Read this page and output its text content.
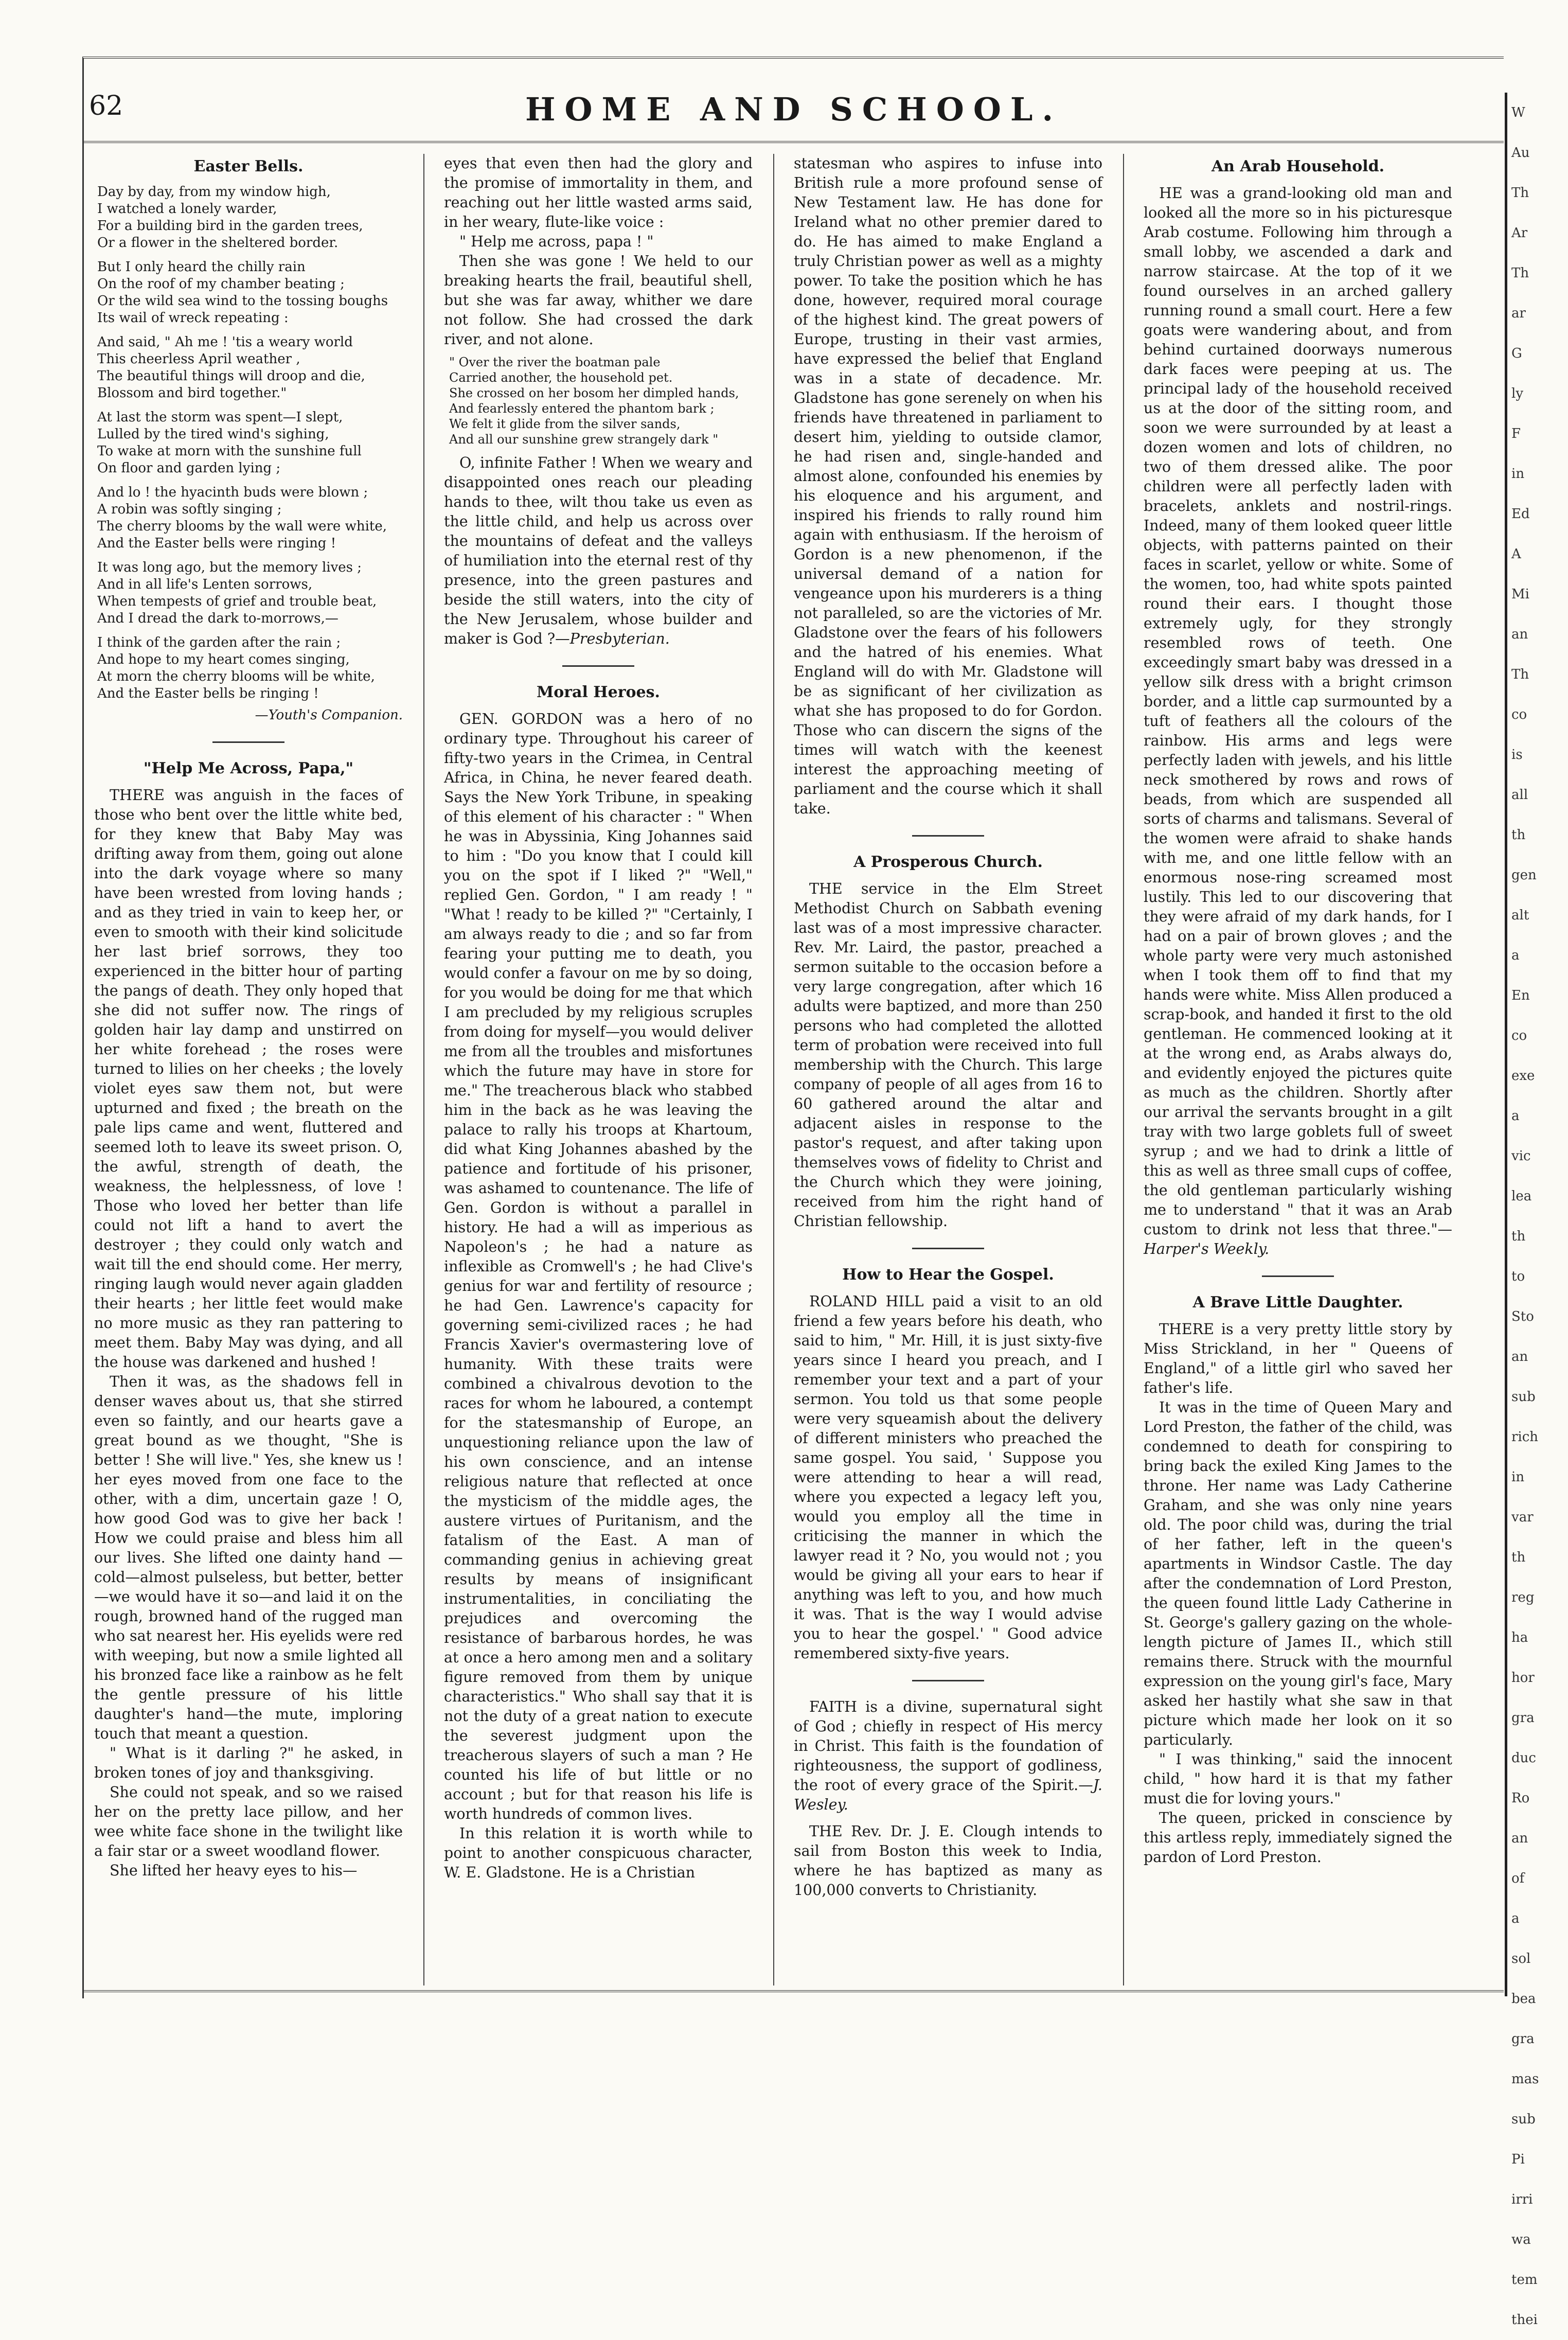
62	HOME AND SCHOOL.
Easter Bells.

Day by day, from my window high,
I watched a lonely warder,
For a building bird in the garden trees,
Or a flower in the sheltered border.

But I only heard the chilly rain
On the roof of my chamber beating ;
Or the wild sea wind to the tossing boughs
Its wail of wreck repeating :

And said, " Ah me ! 'tis a weary world
This cheerless April weather ,
The beautiful things will droop and die,
Blossom and bird together."

At last the storm was spent—I slept,
Lulled by the tired wind's sighing,
To wake at morn with the sunshine full
On floor and garden lying ;

And lo ! the hyacinth buds were blown ;
A robin was softly singing ;
The cherry blooms by the wall were white,
And the Easter bells were ringing !

It was long ago, but the memory lives ;
And in all life's Lenten sorrows,
When tempests of grief and trouble beat,
And I dread the dark to-morrows,—

I think of the garden after the rain ;
And hope to my heart comes singing,
At morn the cherry blooms will be white,
And the Easter bells be ringing !

—Youth's Companion.
"Help Me Across, Papa,"

THERE was anguish in the faces of those who bent over the little white bed, for they knew that Baby May was drifting away from them, going out alone into the dark voyage where so many have been wrested from loving hands ; and as they tried in vain to keep her, or even to smooth with their kind solicitude her last brief sorrows, they too experienced in the bitter hour of parting the pangs of death. They only hoped that she did not suffer now. The rings of golden hair lay damp and unstirred on her white forehead ; the roses were turned to lilies on her cheeks ; the lovely violet eyes saw them not, but were upturned and fixed ; the breath on the pale lips came and went, fluttered and seemed loth to leave its sweet prison. O, the awful, strength of death, the weakness, the helplessness, of love ! Those who loved her better than life could not lift a hand to avert the destroyer ; they could only watch and wait till the end should come. Her merry, ringing laugh would never again gladden their hearts ; her little feet would make no more music as they ran pattering to meet them. Baby May was dying, and all the house was darkened and hushed !

Then it was, as the shadows fell in denser waves about us, that she stirred even so faintly, and our hearts gave a great bound as we thought, "She is better ! She will live." Yes, she knew us ! her eyes moved from one face to the other, with a dim, uncertain gaze ! O, how good God was to give her back ! How we could praise and bless him all our lives. She lifted one dainty hand —cold—almost pulseless, but better, better—we would have it so—and laid it on the rough, browned hand of the rugged man who sat nearest her. His eyelids were red with weeping, but now a smile lighted all his bronzed face like a rainbow as he felt the gentle pressure of his little daughter's hand—the mute, imploring touch that meant a question.

" What is it darling ?" he asked, in broken tones of joy and thanksgiving.

She could not speak, and so we raised her on the pretty lace pillow, and her wee white face shone in the twilight like a fair star or a sweet woodland flower.

She lifted her heavy eyes to his—

eyes that even then had the glory and the promise of immortality in them, and reaching out her little wasted arms said, in her weary, flute-like voice :

" Help me across, papa ! "

Then she was gone ! We held to our breaking hearts the frail, beautiful shell, but she was far away, whither we dare not follow. She had crossed the dark river, and not alone.

" Over the river the boatman pale
Carried another, the household pet.
She crossed on her bosom her dimpled hands,
And fearlessly entered the phantom bark ;
We felt it glide from the silver sands,
And all our sunshine grew strangely dark "

O, infinite Father ! When we weary and disappointed ones reach our pleading hands to thee, wilt thou take us even as the little child, and help us across over the mountains of defeat and the valleys of humiliation into the eternal rest of thy presence, into the green pastures and beside the still waters, into the city of the New Jerusalem, whose builder and maker is God ?—Presbyterian.

Moral Heroes.

GEN. GORDON was a hero of no ordinary type. Throughout his career of fifty-two years in the Crimea, in Central Africa, in China, he never feared death. Says the New York Tribune, in speaking of this element of his character : " When he was in Abyssinia, King Johannes said to him : "Do you know that I could kill you on the spot if I liked ?" "Well," replied Gen. Gordon, " I am ready ! " "What ! ready to be killed ?" "Certainly, I am always ready to die ; and so far from fearing your putting me to death, you would confer a favour on me by so doing, for you would be doing for me that which I am precluded by my religious scruples from doing for myself—you would deliver me from all the troubles and misfortunes which the future may have in store for me." The treacherous black who stabbed him in the back as he was leaving the palace to rally his troops at Khartoum, did what King Johannes abashed by the patience and fortitude of his prisoner, was ashamed to countenance. The life of Gen. Gordon is without a parallel in history. He had a will as imperious as Napoleon's ; he had a nature as inflexible as Cromwell's ; he had Clive's genius for war and fertility of resource ; he had Gen. Lawrence's capacity for governing semi-civilized races ; he had Francis Xavier's overmastering love of humanity. With these traits were combined a chivalrous devotion to the races for whom he laboured, a contempt for the statesmanship of Europe, an unquestioning reliance upon the law of his own conscience, and an intense religious nature that reflected at once the mysticism of the middle ages, the austere virtues of Puritanism, and the fatalism of the East. A man of commanding genius in achieving great results by means of insignificant instrumentalities, in conciliating the prejudices and overcoming the resistance of barbarous hordes, he was at once a hero among men and a solitary figure removed from them by unique characteristics." Who shall say that it is not the duty of a great nation to execute the severest judgment upon the treacherous slayers of such a man ? He counted his life of but little or no account ; but for that reason his life is worth hundreds of common lives.

In this relation it is worth while to point to another conspicuous character, W. E. Gladstone. He is a Christian

statesman who aspires to infuse into British rule a more profound sense of New Testament law. He has done for Ireland what no other premier dared to do. He has aimed to make England a truly Christian power as well as a mighty power. To take the position which he has done, however, required moral courage of the highest kind. The great powers of Europe, trusting in their vast armies, have expressed the belief that England was in a state of decadence. Mr. Gladstone has gone serenely on when his friends have threatened in parliament to desert him, yielding to outside clamor, he had risen and, single-handed and almost alone, confounded his enemies by his eloquence and his argument, and inspired his friends to rally round him again with enthusiasm. If the heroism of Gordon is a new phenomenon, if the universal demand of a nation for vengeance upon his murderers is a thing not paralleled, so are the victories of Mr. Gladstone over the fears of his followers and the hatred of his enemies. What England will do with Mr. Gladstone will be as significant of her civilization as what she has proposed to do for Gordon. Those who can discern the signs of the times will watch with the keenest interest the approaching meeting of parliament and the course which it shall take.

A Prosperous Church.

THE service in the Elm Street Methodist Church on Sabbath evening last was of a most impressive character. Rev. Mr. Laird, the pastor, preached a sermon suitable to the occasion before a very large congregation, after which 16 adults were baptized, and more than 250 persons who had completed the allotted term of probation were received into full membership with the Church. This large company of people of all ages from 16 to 60 gathered around the altar and adjacent aisles in response to the pastor's request, and after taking upon themselves vows of fidelity to Christ and the Church which they were joining, received from him the right hand of Christian fellowship.

How to Hear the Gospel.

ROLAND HILL paid a visit to an old friend a few years before his death, who said to him, " Mr. Hill, it is just sixty-five years since I heard you preach, and I remember your text and a part of your sermon. You told us that some people were very squeamish about the delivery of different ministers who preached the same gospel. You said, ' Suppose you were attending to hear a will read, where you expected a legacy left you, would you employ all the time in criticising the manner in which the lawyer read it ? No, you would not ; you would be giving all your ears to hear if anything was left to you, and how much it was. That is the way I would advise you to hear the gospel.' " Good advice remembered sixty-five years.

FAITH is a divine, supernatural sight of God ; chiefly in respect of His mercy in Christ. This faith is the foundation of righteousness, the support of godliness, the root of every grace of the Spirit.—J. Wesley.

THE Rev. Dr. J. E. Clough intends to sail from Boston this week to India, where he has baptized as many as 100,000 converts to Christianity.

An Arab Household.

HE was a grand-looking old man and looked all the more so in his picturesque Arab costume. Following him through a small lobby, we ascended a dark and narrow staircase. At the top of it we found ourselves in an arched gallery running round a small court. Here a few goats were wandering about, and from behind curtained doorways numerous dark faces were peeping at us. The principal lady of the household received us at the door of the sitting room, and soon we were surrounded by at least a dozen women and lots of children, no two of them dressed alike. The poor children were all perfectly laden with bracelets, anklets and nostril-rings. Indeed, many of them looked queer little objects, with patterns painted on their faces in scarlet, yellow or white. Some of the women, too, had white spots painted round their ears. I thought those extremely ugly, for they strongly resembled rows of teeth. One exceedingly smart baby was dressed in a yellow silk dress with a bright crimson border, and a little cap surmounted by a tuft of feathers all the colours of the rainbow. His arms and legs were perfectly laden with jewels, and his little neck smothered by rows and rows of beads, from which are suspended all sorts of charms and talismans. Several of the women were afraid to shake hands with me, and one little fellow with an enormous nose-ring screamed most lustily. This led to our discovering that they were afraid of my dark hands, for I had on a pair of brown gloves ; and the whole party were very much astonished when I took them off to find that my hands were white. Miss Allen produced a scrap-book, and handed it first to the old gentleman. He commenced looking at it at the wrong end, as Arabs always do, and evidently enjoyed the pictures quite as much as the children. Shortly after our arrival the servants brought in a gilt tray with two large goblets full of sweet syrup ; and we had to drink a little of this as well as three small cups of coffee, the old gentleman particularly wishing me to understand " that it was an Arab custom to drink not less that three."—Harper's Weekly.

A Brave Little Daughter.

THERE is a very pretty little story by Miss Strickland, in her " Queens of England," of a little girl who saved her father's life.

It was in the time of Queen Mary and Lord Preston, the father of the child, was condemned to death for conspiring to bring back the exiled King James to the throne. Her name was Lady Catherine Graham, and she was only nine years old. The poor child was, during the trial of her father, left in the queen's apartments in Windsor Castle. The day after the condemnation of Lord Preston, the queen found little Lady Catherine in St. George's gallery gazing on the whole-length picture of James II., which still remains there. Struck with the mournful expression on the young girl's face, Mary asked her hastily what she saw in that picture which made her look on it so particularly.

" I was thinking," said the innocent child, " how hard it is that my father must die for loving yours."

The queen, pricked in conscience by this artless reply, immediately signed the pardon of Lord Preston.

W
Au
Th
Ar
Th
ar
G
ly
F
in
Ed
A
Mi
an
Th
co
is
all
th
gen
alt
a
En
co
exe
a
vic
lea
th
to
Sto
an
sub
rich
in
var
th
reg
ha
hor
gra
duc
Ro
an
of
a
sol
bea
gra
mas
sub
Pi
irri
wa
tem
thei
